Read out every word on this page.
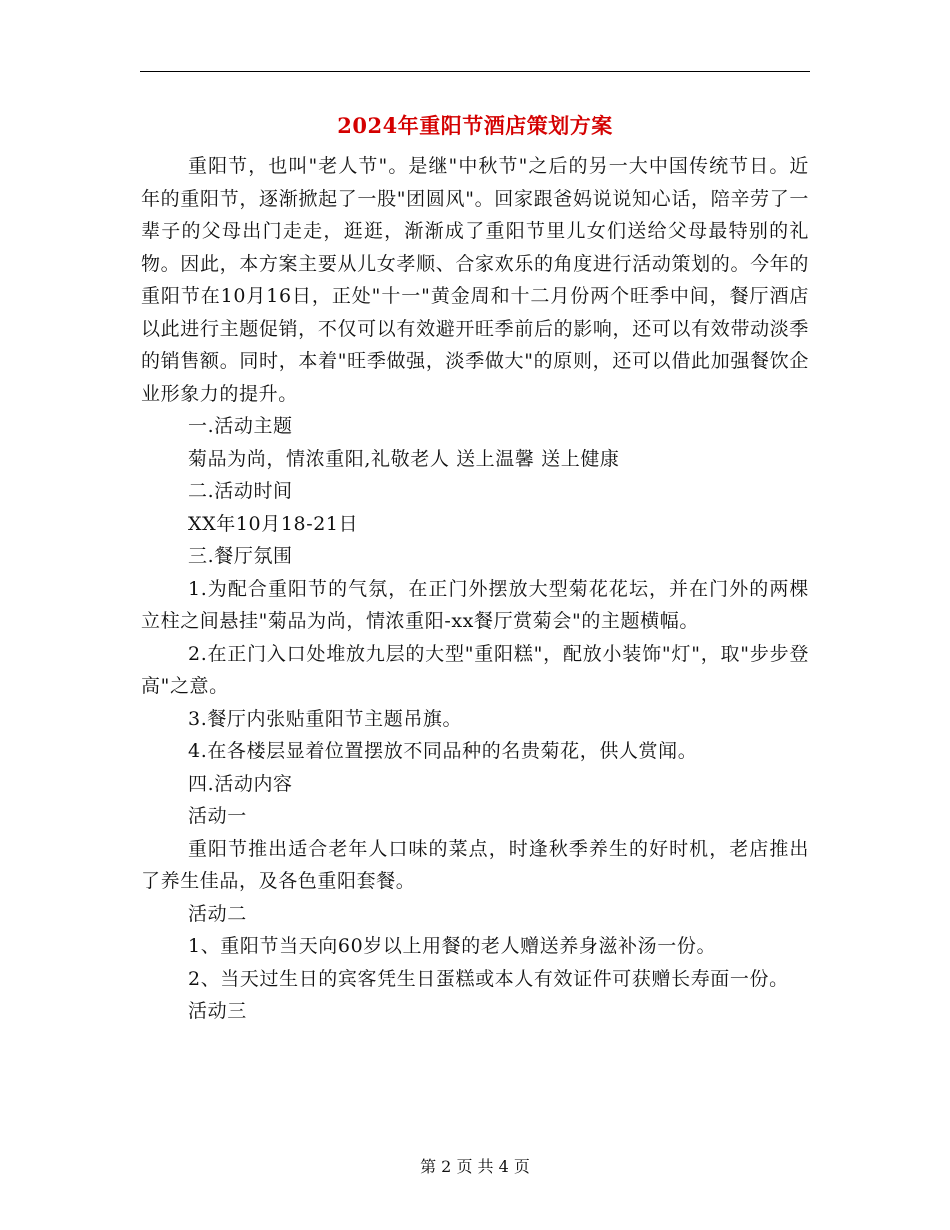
2024年重阳节酒店策划方案

重阳节，也叫"老人节"。是继"中秋节"之后的另一大中国传统节日。近年的重阳节，逐渐掀起了一股"团圆风"。回家跟爸妈说说知心话，陪辛劳了一辈子的父母出门走走，逛逛，渐渐成了重阳节里儿女们送给父母最特别的礼物。因此，本方案主要从儿女孝顺、合家欢乐的角度进行活动策划的。今年的重阳节在10月16日，正处"十一"黄金周和十二月份两个旺季中间，餐厅酒店以此进行主题促销，不仅可以有效避开旺季前后的影响，还可以有效带动淡季的销售额。同时，本着"旺季做强，淡季做大"的原则，还可以借此加强餐饮企业形象力的提升。

一.活动主题

菊品为尚，情浓重阳,礼敬老人 送上温馨 送上健康

二.活动时间

XX年10月18-21日

三.餐厅氛围

1.为配合重阳节的气氛，在正门外摆放大型菊花花坛，并在门外的两棵立柱之间悬挂"菊品为尚，情浓重阳-xx餐厅赏菊会"的主题横幅。

2.在正门入口处堆放九层的大型"重阳糕"，配放小装饰"灯"，取"步步登高"之意。

3.餐厅内张贴重阳节主题吊旗。

4.在各楼层显着位置摆放不同品种的名贵菊花，供人赏闻。

四.活动内容

活动一

重阳节推出适合老年人口味的菜点，时逢秋季养生的好时机，老店推出了养生佳品，及各色重阳套餐。

活动二

1、重阳节当天向60岁以上用餐的老人赠送养身滋补汤一份。

2、当天过生日的宾客凭生日蛋糕或本人有效证件可获赠长寿面一份。

活动三

第 2 页 共 4 页
